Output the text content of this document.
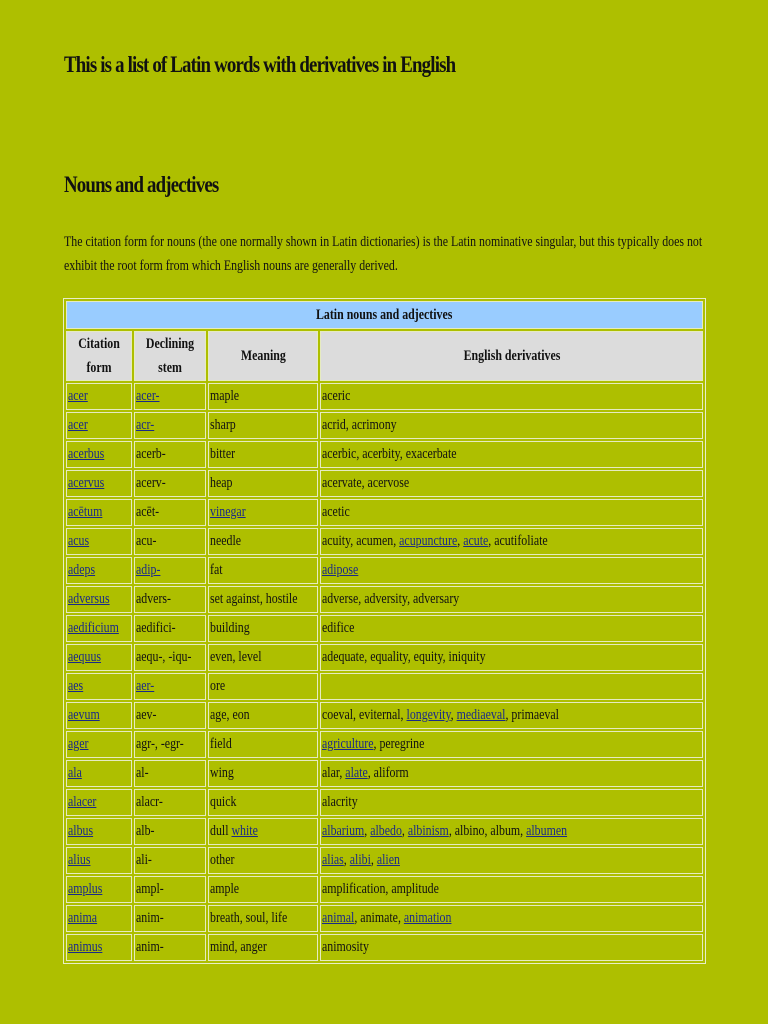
This is a list of Latin words with derivatives in English
Nouns and adjectives
The citation form for nouns (the one normally shown in Latin dictionaries) is the Latin nominative singular, but this typically does not exhibit the root form from which English nouns are generally derived.
Latin nouns and adjectives			
Citation form	Declining stem	Meaning	English derivatives
acer	acer-	maple	aceric
acer	acr-	sharp	acrid, acrimony
acerbus	acerb-	bitter	acerbic, acerbity, exacerbate
acervus	acerv-	heap	acervate, acervose
acētum	acēt-	vinegar	acetic
acus	acu-	needle	acuity, acumen, acupuncture, acute, acutifoliate
adeps	adip-	fat	adipose
adversus	advers-	set against, hostile	adverse, adversity, adversary
aedificium	aedifici-	building	edifice
aequus	aequ-, -iqu-	even, level	adequate, equality, equity, iniquity
aes	aer-	ore	
aevum	aev-	age, eon	coeval, eviternal, longevity, mediaeval, primaeval
ager	agr-, -egr-	field	agriculture, peregrine
ala	al-	wing	alar, alate, aliform
alacer	alacr-	quick	alacrity
albus	alb-	dull white	albarium, albedo, albinism, albino, album, albumen
alius	ali-	other	alias, alibi, alien
amplus	ampl-	ample	amplification, amplitude
anima	anim-	breath, soul, life	animal, animate, animation
animus	anim-	mind, anger	animosity
